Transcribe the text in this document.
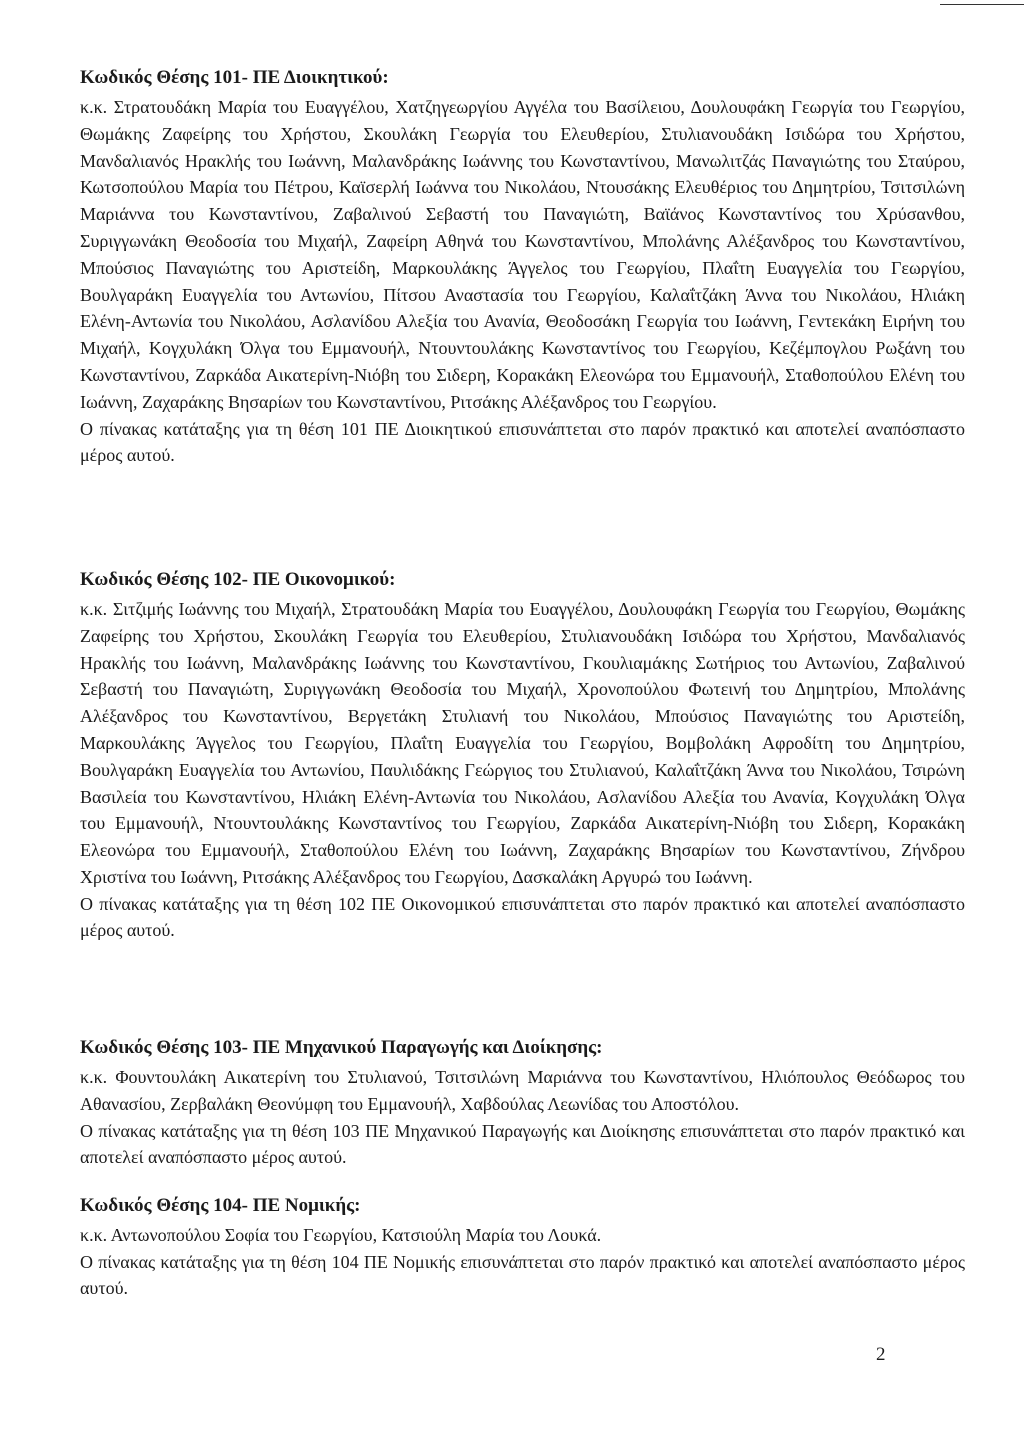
Κωδικός Θέσης 101- ΠΕ Διοικητικού:

κ.κ. Στρατουδάκη Μαρία του Ευαγγέλου, Χατζηγεωργίου Αγγέλα του Βασίλειου, Δουλουφάκη Γεωργία του Γεωργίου, Θωμάκης Ζαφείρης του Χρήστου, Σκουλάκη Γεωργία του Ελευθερίου, Στυλιανουδάκη Ισιδώρα του Χρήστου, Μανδαλιανός Ηρακλής του Ιωάννη, Μαλανδράκης Ιωάννης του Κωνσταντίνου, Μανωλιτζάς Παναγιώτης του Σταύρου, Κωτσοπούλου Μαρία του Πέτρου, Καϊσερλή Ιωάννα του Νικολάου, Ντουσάκης Ελευθέριος του Δημητρίου, Τσιτσιλώνη Μαριάννα του Κωνσταντίνου, Ζαβαλινού Σεβαστή του Παναγιώτη, Βαϊάνος Κωνσταντίνος του Χρύσανθου, Συριγγωνάκη Θεοδοσία του Μιχαήλ, Ζαφείρη Αθηνά του Κωνσταντίνου, Μπολάνης Αλέξανδρος του Κωνσταντίνου, Μπούσιος Παναγιώτης του Αριστείδη, Μαρκουλάκης Άγγελος του Γεωργίου, Πλαΐτη Ευαγγελία του Γεωργίου, Βουλγαράκη Ευαγγελία του Αντωνίου, Πίτσου Αναστασία του Γεωργίου, Καλαΐτζάκη Άννα του Νικολάου, Ηλιάκη Ελένη-Αντωνία του Νικολάου, Ασλανίδου Αλεξία του Ανανία, Θεοδοσάκη Γεωργία του Ιωάννη, Γεντεκάκη Ειρήνη του Μιχαήλ, Κογχυλάκη Όλγα του Εμμανουήλ, Ντουντουλάκης Κωνσταντίνος του Γεωργίου, Κεζέμπογλου Ρωξάνη του Κωνσταντίνου, Ζαρκάδα Αικατερίνη-Νιόβη του Σιδερη, Κορακάκη Ελεονώρα του Εμμανουήλ, Σταθοπούλου Ελένη του Ιωάννη, Ζαχαράκης Βησαρίων του Κωνσταντίνου, Ριτσάκης Αλέξανδρος του Γεωργίου.

Ο πίνακας κατάταξης για τη θέση 101 ΠΕ Διοικητικού επισυνάπτεται στο παρόν πρακτικό και αποτελεί αναπόσπαστο μέρος αυτού.

Κωδικός Θέσης 102- ΠΕ Οικονομικού:

κ.κ. Σιτζιμής Ιωάννης του Μιχαήλ, Στρατουδάκη Μαρία του Ευαγγέλου, Δουλουφάκη Γεωργία του Γεωργίου, Θωμάκης Ζαφείρης του Χρήστου, Σκουλάκη Γεωργία του Ελευθερίου, Στυλιανουδάκη Ισιδώρα του Χρήστου, Μανδαλιανός Ηρακλής του Ιωάννη, Μαλανδράκης Ιωάννης του Κωνσταντίνου, Γκουλιαμάκης Σωτήριος του Αντωνίου, Ζαβαλινού Σεβαστή του Παναγιώτη, Συριγγωνάκη Θεοδοσία του Μιχαήλ, Χρονοπούλου Φωτεινή του Δημητρίου, Μπολάνης Αλέξανδρος του Κωνσταντίνου, Βεργετάκη Στυλιανή του Νικολάου, Μπούσιος Παναγιώτης του Αριστείδη, Μαρκουλάκης Άγγελος του Γεωργίου, Πλαΐτη Ευαγγελία του Γεωργίου, Βομβολάκη Αφροδίτη του Δημητρίου, Βουλγαράκη Ευαγγελία του Αντωνίου, Παυλιδάκης Γεώργιος του Στυλιανού, Καλαΐτζάκη Άννα του Νικολάου, Τσιρώνη Βασιλεία του Κωνσταντίνου, Ηλιάκη Ελένη-Αντωνία του Νικολάου, Ασλανίδου Αλεξία του Ανανία, Κογχυλάκη Όλγα του Εμμανουήλ, Ντουντουλάκης Κωνσταντίνος του Γεωργίου, Ζαρκάδα Αικατερίνη-Νιόβη του Σιδερη, Κορακάκη Ελεονώρα του Εμμανουήλ, Σταθοπούλου Ελένη του Ιωάννη, Ζαχαράκης Βησαρίων του Κωνσταντίνου, Ζήνδρου Χριστίνα του Ιωάννη, Ριτσάκης Αλέξανδρος του Γεωργίου, Δασκαλάκη Αργυρώ του Ιωάννη.

Ο πίνακας κατάταξης για τη θέση 102 ΠΕ Οικονομικού επισυνάπτεται στο παρόν πρακτικό και αποτελεί αναπόσπαστο μέρος αυτού.

Κωδικός Θέσης 103- ΠΕ Μηχανικού Παραγωγής και Διοίκησης:

κ.κ. Φουντουλάκη Αικατερίνη του Στυλιανού, Τσιτσιλώνη Μαριάννα του Κωνσταντίνου, Ηλιόπουλος Θεόδωρος του Αθανασίου, Ζερβαλάκη Θεονύμφη του Εμμανουήλ, Χαβδούλας Λεωνίδας του Αποστόλου.

Ο πίνακας κατάταξης για τη θέση 103 ΠΕ Μηχανικού Παραγωγής και Διοίκησης επισυνάπτεται στο παρόν πρακτικό και αποτελεί αναπόσπαστο μέρος αυτού.

Κωδικός Θέσης 104- ΠΕ Νομικής:

κ.κ. Αντωνοπούλου Σοφία του Γεωργίου, Κατσιούλη Μαρία του Λουκά.

Ο πίνακας κατάταξης για τη θέση 104 ΠΕ Νομικής επισυνάπτεται στο παρόν πρακτικό και αποτελεί αναπόσπαστο μέρος αυτού.

2
